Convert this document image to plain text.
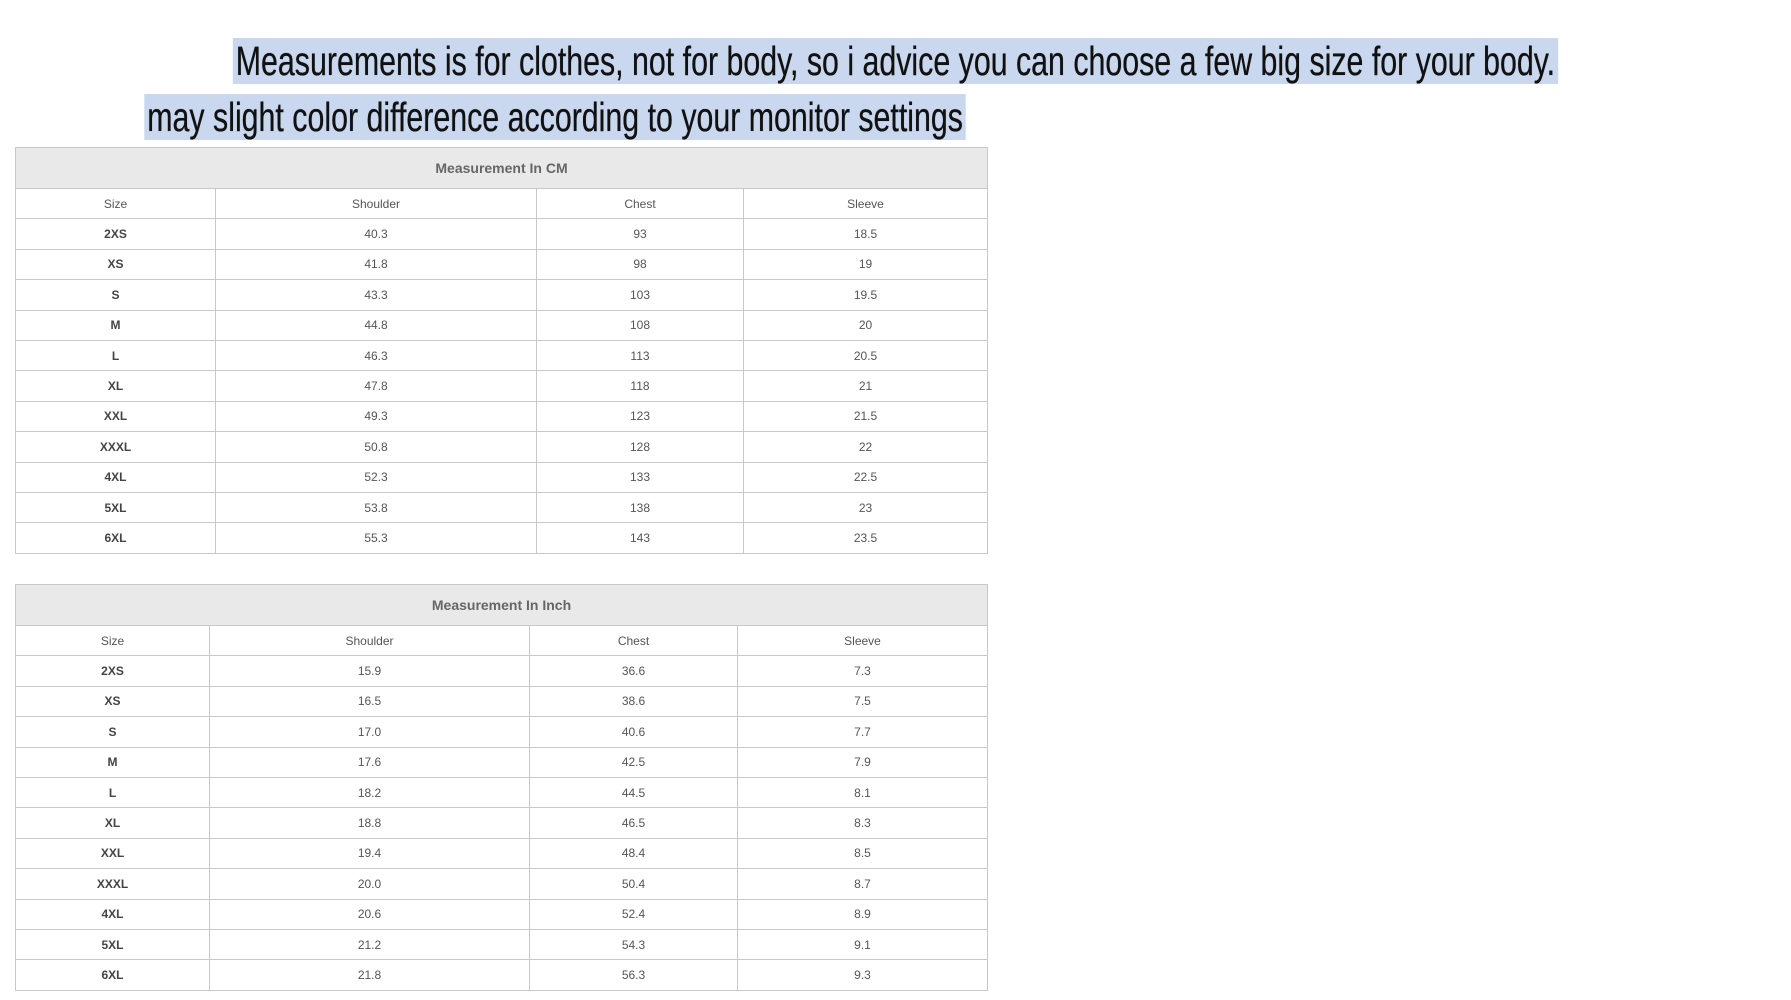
Measurements is for clothes, not for body, so i advice you can choose a few big size for your body.
may slight color difference according to your monitor settings
Measurement In CM			
Size	Shoulder	Chest	Sleeve
2XS	40.3	93	18.5
XS	41.8	98	19
S	43.3	103	19.5
M	44.8	108	20
L	46.3	113	20.5
XL	47.8	118	21
XXL	49.3	123	21.5
XXXL	50.8	128	22
4XL	52.3	133	22.5
5XL	53.8	138	23
6XL	55.3	143	23.5
Measurement In Inch			
Size	Shoulder	Chest	Sleeve
2XS	15.9	36.6	7.3
XS	16.5	38.6	7.5
S	17.0	40.6	7.7
M	17.6	42.5	7.9
L	18.2	44.5	8.1
XL	18.8	46.5	8.3
XXL	19.4	48.4	8.5
XXXL	20.0	50.4	8.7
4XL	20.6	52.4	8.9
5XL	21.2	54.3	9.1
6XL	21.8	56.3	9.3
